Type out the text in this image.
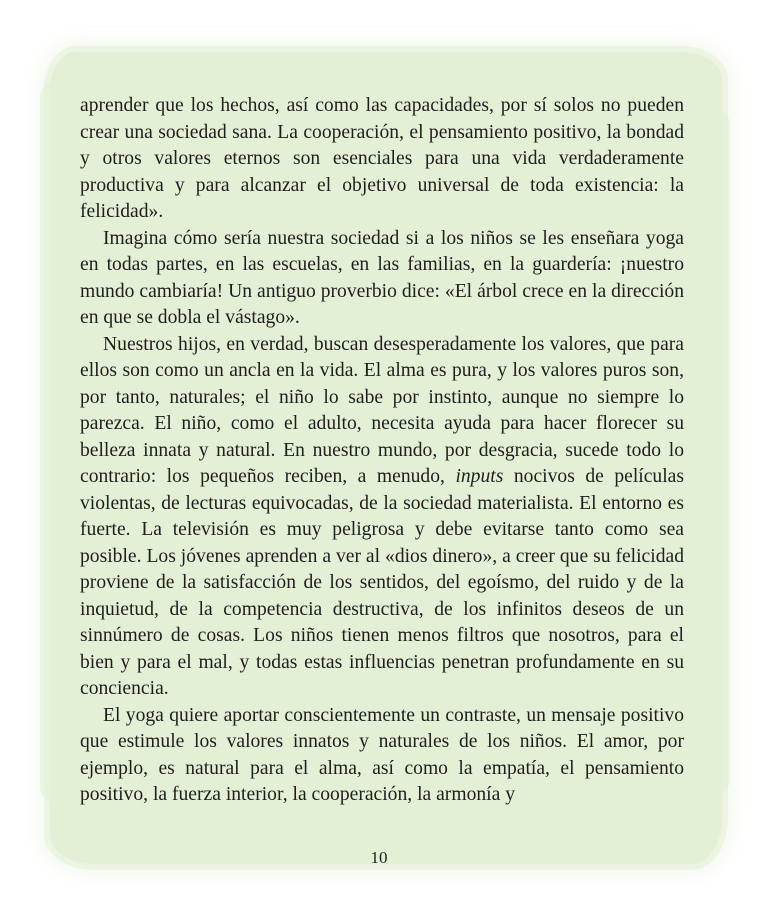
aprender que los hechos, así como las capacidades, por sí solos no pueden crear una sociedad sana. La cooperación, el pensamiento positivo, la bondad y otros valores eternos son esenciales para una vida verdaderamente productiva y para alcanzar el objetivo universal de toda existencia: la felicidad».

Imagina cómo sería nuestra sociedad si a los niños se les enseñara yoga en todas partes, en las escuelas, en las familias, en la guardería: ¡nuestro mundo cambiaría! Un antiguo proverbio dice: «El árbol crece en la dirección en que se dobla el vástago».

Nuestros hijos, en verdad, buscan desesperadamente los valores, que para ellos son como un ancla en la vida. El alma es pura, y los valores puros son, por tanto, naturales; el niño lo sabe por instinto, aunque no siempre lo parezca. El niño, como el adulto, necesita ayuda para hacer florecer su belleza innata y natural. En nuestro mundo, por desgracia, sucede todo lo contrario: los pequeños reciben, a menudo, inputs nocivos de películas violentas, de lecturas equivocadas, de la sociedad materialista. El entorno es fuerte. La televisión es muy peligrosa y debe evitarse tanto como sea posible. Los jóvenes aprenden a ver al «dios dinero», a creer que su felicidad proviene de la satisfacción de los sentidos, del egoísmo, del ruido y de la inquietud, de la competencia destructiva, de los infinitos deseos de un sinnúmero de cosas. Los niños tienen menos filtros que nosotros, para el bien y para el mal, y todas estas influencias penetran profundamente en su conciencia.

El yoga quiere aportar conscientemente un contraste, un mensaje positivo que estimule los valores innatos y naturales de los niños. El amor, por ejemplo, es natural para el alma, así como la empatía, el pensamiento positivo, la fuerza interior, la cooperación, la armonía y

10
